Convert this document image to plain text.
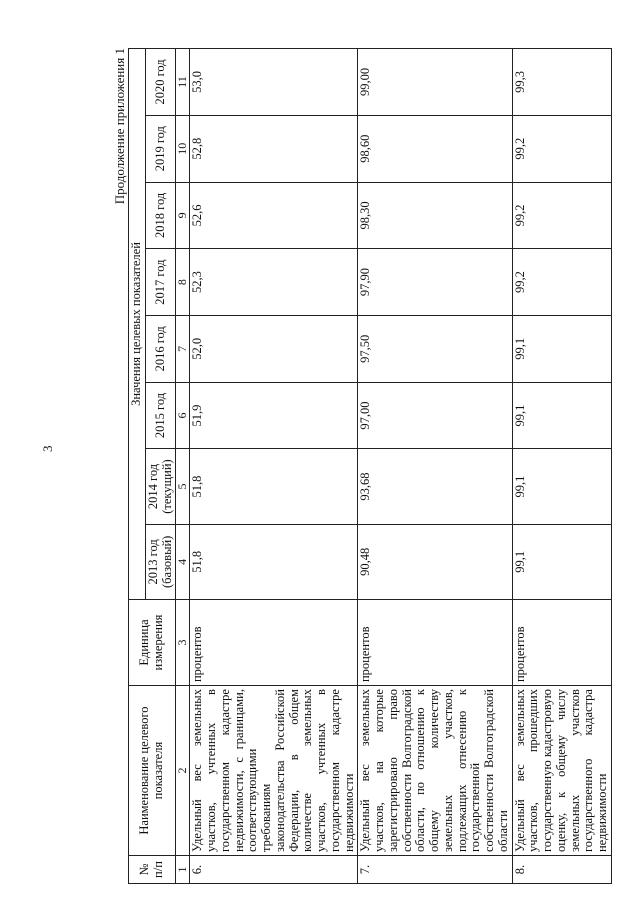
3
Продолжение приложения 1
№ п/п	Наименование целевого показателя	Единица измерения	Значения целевых показателей							
			2013 год (базовый)	2014 год (текущий)	2015 год	2016 год	2017 год	2018 год	2019 год	2020 год
1	2	3	4	5	6	7	8	9	10	11
6.	Удельный вес земельных участков, учтенных в государственном кадастре недвижимости, с границами, соответствующими требованиям законодательства Российской Федерации, в общем количестве земельных участков, учтенных в государственном кадастре недвижимости	процентов	51,8	51,8	51,9	52,0	52,3	52,6	52,8	53,0
7.	Удельный вес земельных участков, на которые зарегистрировано право собственности Волгоградской области, по отношению к общему количеству земельных участков, подлежащих отнесению к государственной собственности Волгоградской области	процентов	90,48	93,68	97,00	97,50	97,90	98,30	98,60	99,00
8.	Удельный вес земельных участков, прошедших государственную кадастровую оценку, к общему числу земельных участков государственного кадастра недвижимости	процентов	99,1	99,1	99,1	99,1	99,2	99,2	99,2	99,3
